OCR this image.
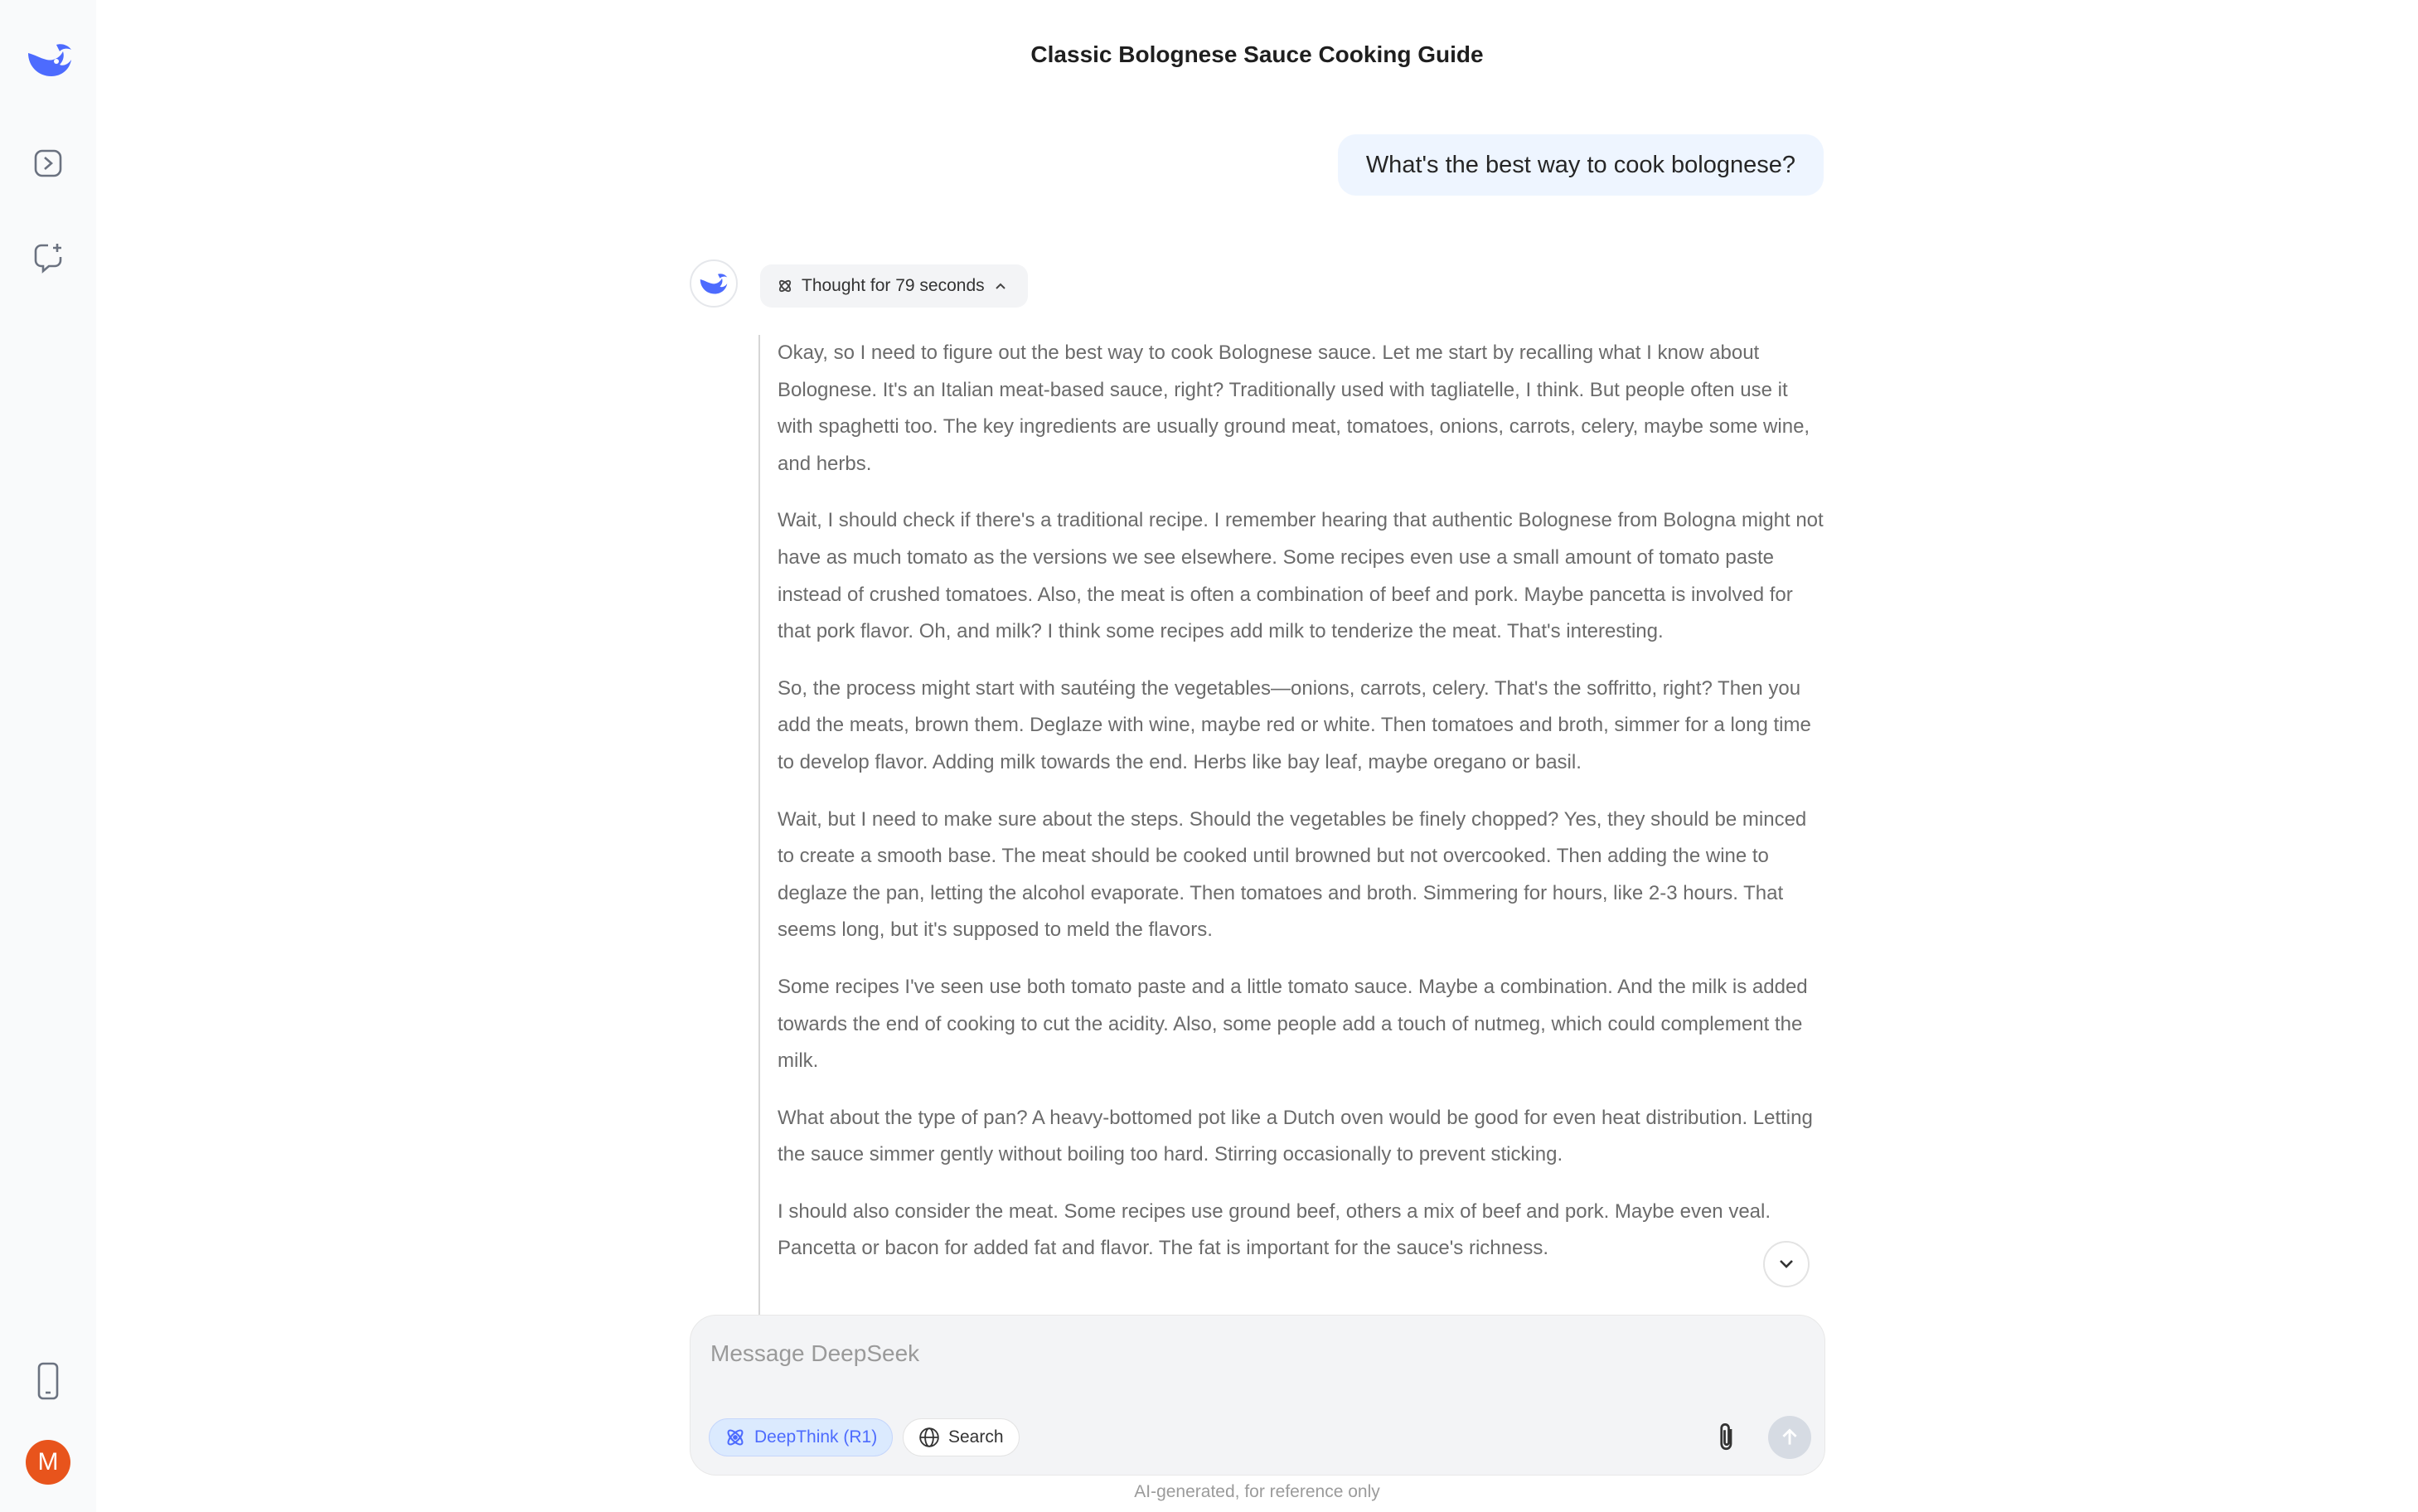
M
Classic Bolognese Sauce Cooking Guide
What's the best way to cook bolognese?
Thought for 79 seconds

Okay, so I need to figure out the best way to cook Bolognese sauce. Let me start by recalling what I know about Bolognese. It's an Italian meat-based sauce, right? Traditionally used with tagliatelle, I think. But people often use it with spaghetti too. The key ingredients are usually ground meat, tomatoes, onions, carrots, celery, maybe some wine, and herbs.

Wait, I should check if there's a traditional recipe. I remember hearing that authentic Bolognese from Bologna might not have as much tomato as the versions we see elsewhere. Some recipes even use a small amount of tomato paste instead of crushed tomatoes. Also, the meat is often a combination of beef and pork. Maybe pancetta is involved for that pork flavor. Oh, and milk? I think some recipes add milk to tenderize the meat. That's interesting.

So, the process might start with sautéing the vegetables—onions, carrots, celery. That's the soffritto, right? Then you add the meats, brown them. Deglaze with wine, maybe red or white. Then tomatoes and broth, simmer for a long time to develop flavor. Adding milk towards the end. Herbs like bay leaf, maybe oregano or basil.

Wait, but I need to make sure about the steps. Should the vegetables be finely chopped? Yes, they should be minced to create a smooth base. The meat should be cooked until browned but not overcooked. Then adding the wine to deglaze the pan, letting the alcohol evaporate. Then tomatoes and broth. Simmering for hours, like 2-3 hours. That seems long, but it's supposed to meld the flavors.

Some recipes I've seen use both tomato paste and a little tomato sauce. Maybe a combination. And the milk is added towards the end of cooking to cut the acidity. Also, some people add a touch of nutmeg, which could complement the milk.

What about the type of pan? A heavy-bottomed pot like a Dutch oven would be good for even heat distribution. Letting the sauce simmer gently without boiling too hard. Stirring occasionally to prevent sticking.

I should also consider the meat. Some recipes use ground beef, others a mix of beef and pork. Maybe even veal. Pancetta or bacon for added fat and flavor. The fat is important for the sauce's richness.

Message DeepSeek
DeepThink (R1)	Search
AI-generated, for reference only
